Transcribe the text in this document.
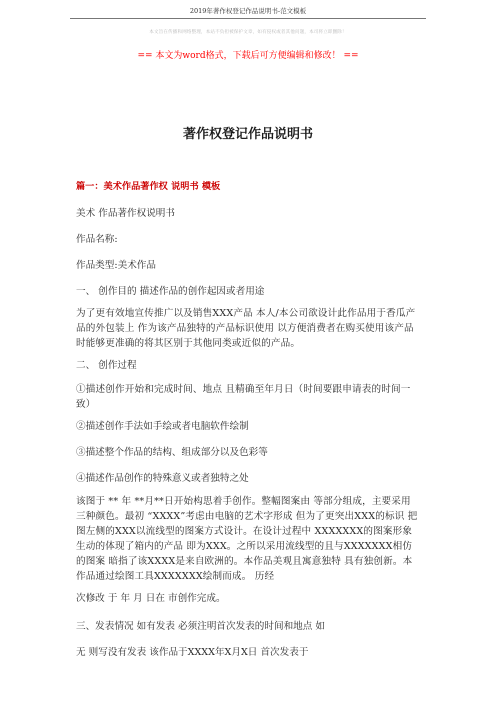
2019年著作权登记作品说明书-范文模板
本文旨在传播和网络整理，本站不负担被保护文章，如有侵权或者其他问题，本司将立即删除！
== 本文为word格式，下载后可方便编辑和修改！ ==
著作权登记作品说明书

篇一：美术作品著作权 说明书 模板

美术 作品著作权说明书

作品名称:

作品类型:美术作品

一、 创作目的 描述作品的创作起因或者用途

为了更有效地宣传推广以及销售XXX产品 本人/本公司欲设计此作品用于香瓜产品的外包装上 作为该产品独特的产品标识使用 以方便消费者在购买使用该产品时能够更准确的将其区别于其他同类或近似的产品。

二、 创作过程

①描述创作开始和完成时间、地点 且精确至年月日（时间要跟申请表的时间一致）

②描述创作手法如手绘或者电脑软件绘制

③描述整个作品的结构、组成部分以及色彩等

④描述作品创作的特殊意义或者独特之处

该图于 ** 年 **月**日开始构思着手创作。整幅图案由 等部分组成，主要采用 三种颜色。最初 “XXXX”考虑由电脑的艺术字形成 但为了更突出XXX的标识 把图左侧的XXX以流线型的图案方式设计。在设计过程中 XXXXXXX的图案形象生动的体现了箱内的产品 即为XXX。之所以采用流线型的且与XXXXXXX相仿的图案 暗指了该XXXX是来自欧洲的。本作品美观且寓意独特 具有独创新。本作品通过绘图工具XXXXXXX绘制而成。 历经

次修改 于 年 月 日在 市创作完成。

三、发表情况 如有发表 必须注明首次发表的时间和地点 如

无 则写没有发表 该作品于XXXX年X月X日 首次发表于
